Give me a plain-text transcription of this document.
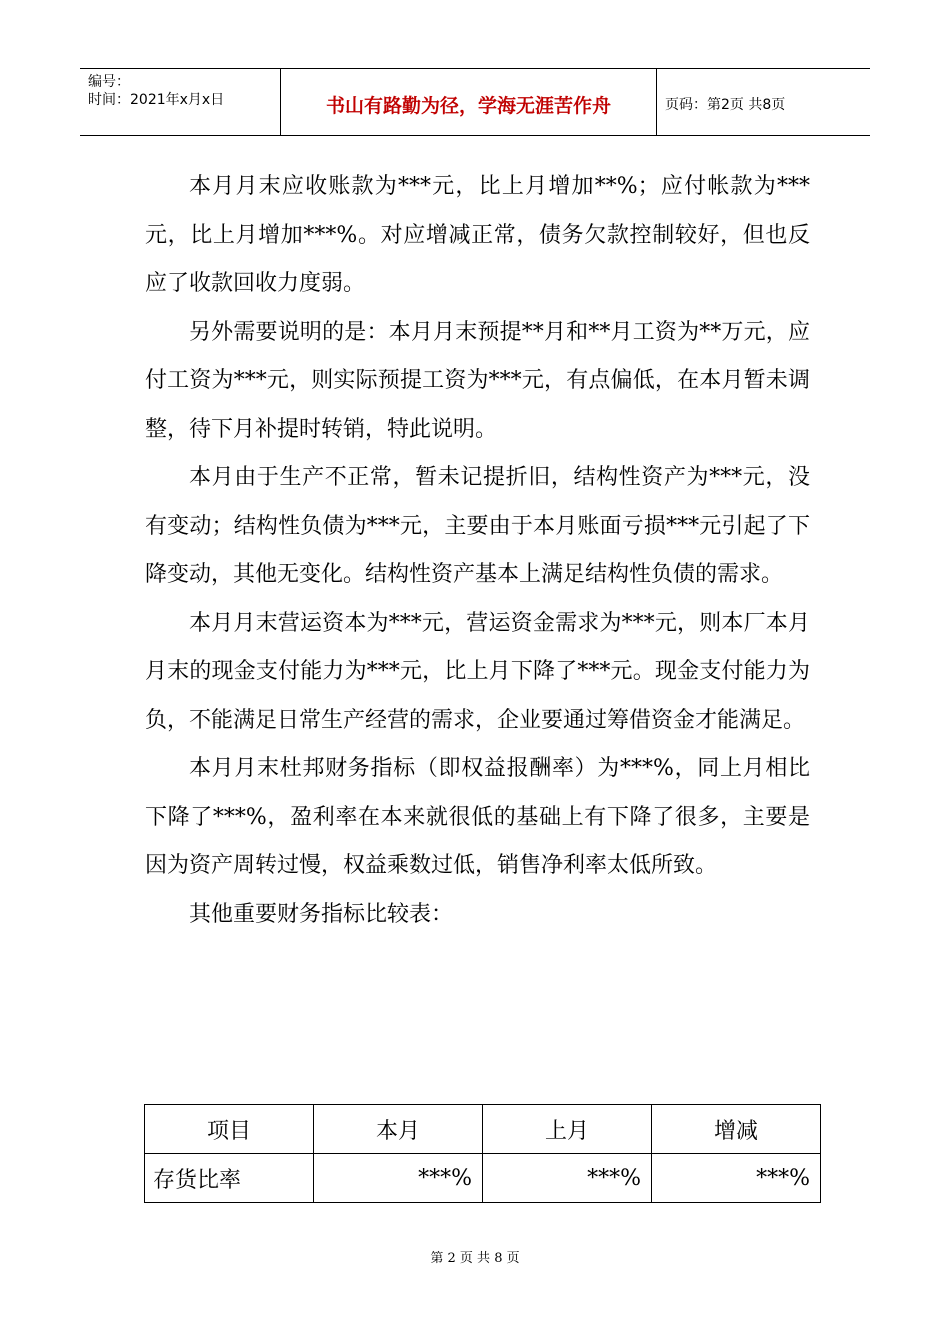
编号：
时间：2021年x月x日	书山有路勤为径，学海无涯苦作舟	页码：第2页 共8页

本月月末应收账款为***元，比上月增加**%；应付帐款为***元，比上月增加***%。对应增减正常，债务欠款控制较好，但也反应了收款回收力度弱。

另外需要说明的是：本月月末预提**月和**月工资为**万元，应付工资为***元，则实际预提工资为***元，有点偏低，在本月暂未调整，待下月补提时转销，特此说明。

本月由于生产不正常，暂未记提折旧，结构性资产为***元，没有变动；结构性负债为***元，主要由于本月账面亏损***元引起了下降变动，其他无变化。结构性资产基本上满足结构性负债的需求。

本月月末营运资本为***元，营运资金需求为***元，则本厂本月月末的现金支付能力为***元，比上月下降了***元。现金支付能力为负，不能满足日常生产经营的需求，企业要通过筹借资金才能满足。

本月月末杜邦财务指标（即权益报酬率）为***%，同上月相比下降了***%，盈利率在本来就很低的基础上有下降了很多，主要是因为资产周转过慢，权益乘数过低，销售净利率太低所致。

其他重要财务指标比较表：

项目	本月	上月	增减
存货比率	***%	***%	***%
第 2 页 共 8 页
